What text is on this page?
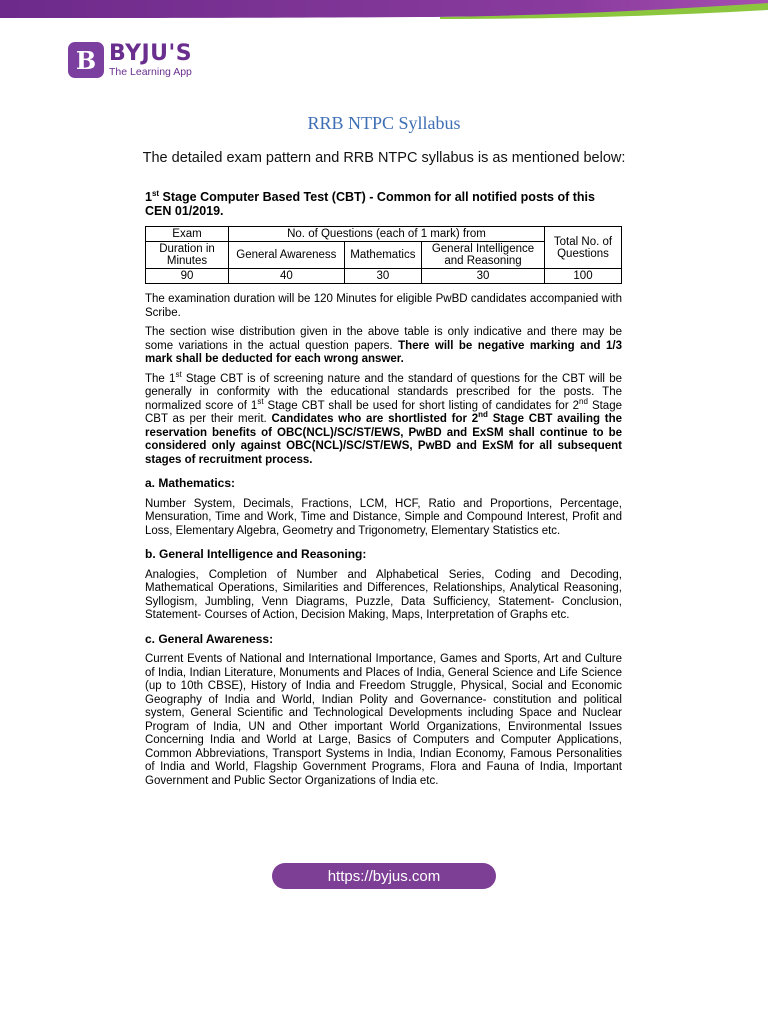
B BYJU'S
The Learning App
RRB NTPC Syllabus
The detailed exam pattern and RRB NTPC syllabus is as mentioned below:
1st Stage Computer Based Test (CBT) - Common for all notified posts of this CEN 01/2019.
Exam	No. of Questions (each of 1 mark) from			Total No. of Questions
Duration in Minutes	General Awareness	Mathematics	General Intelligence and Reasoning	
90	40	30	30	100

The examination duration will be 120 Minutes for eligible PwBD candidates accompanied with Scribe.

The section wise distribution given in the above table is only indicative and there may be some variations in the actual question papers. There will be negative marking and 1/3 mark shall be deducted for each wrong answer.

The 1st Stage CBT is of screening nature and the standard of questions for the CBT will be generally in conformity with the educational standards prescribed for the posts. The normalized score of 1st Stage CBT shall be used for short listing of candidates for 2nd Stage CBT as per their merit. Candidates who are shortlisted for 2nd Stage CBT availing the reservation benefits of OBC(NCL)/SC/ST/EWS, PwBD and ExSM shall continue to be considered only against OBC(NCL)/SC/ST/EWS, PwBD and ExSM for all subsequent stages of recruitment process.

a. Mathematics:

Number System, Decimals, Fractions, LCM, HCF, Ratio and Proportions, Percentage, Mensuration, Time and Work, Time and Distance, Simple and Compound Interest, Profit and Loss, Elementary Algebra, Geometry and Trigonometry, Elementary Statistics etc.

b. General Intelligence and Reasoning:

Analogies, Completion of Number and Alphabetical Series, Coding and Decoding, Mathematical Operations, Similarities and Differences, Relationships, Analytical Reasoning, Syllogism, Jumbling, Venn Diagrams, Puzzle, Data Sufficiency, Statement- Conclusion, Statement- Courses of Action, Decision Making, Maps, Interpretation of Graphs etc.

c. General Awareness:

Current Events of National and International Importance, Games and Sports, Art and Culture of India, Indian Literature, Monuments and Places of India, General Science and Life Science (up to 10th CBSE), History of India and Freedom Struggle, Physical, Social and Economic Geography of India and World, Indian Polity and Governance- constitution and political system, General Scientific and Technological Developments including Space and Nuclear Program of India, UN and Other important World Organizations, Environmental Issues Concerning India and World at Large, Basics of Computers and Computer Applications, Common Abbreviations, Transport Systems in India, Indian Economy, Famous Personalities of India and World, Flagship Government Programs, Flora and Fauna of India, Important Government and Public Sector Organizations of India etc.

https://byjus.com
